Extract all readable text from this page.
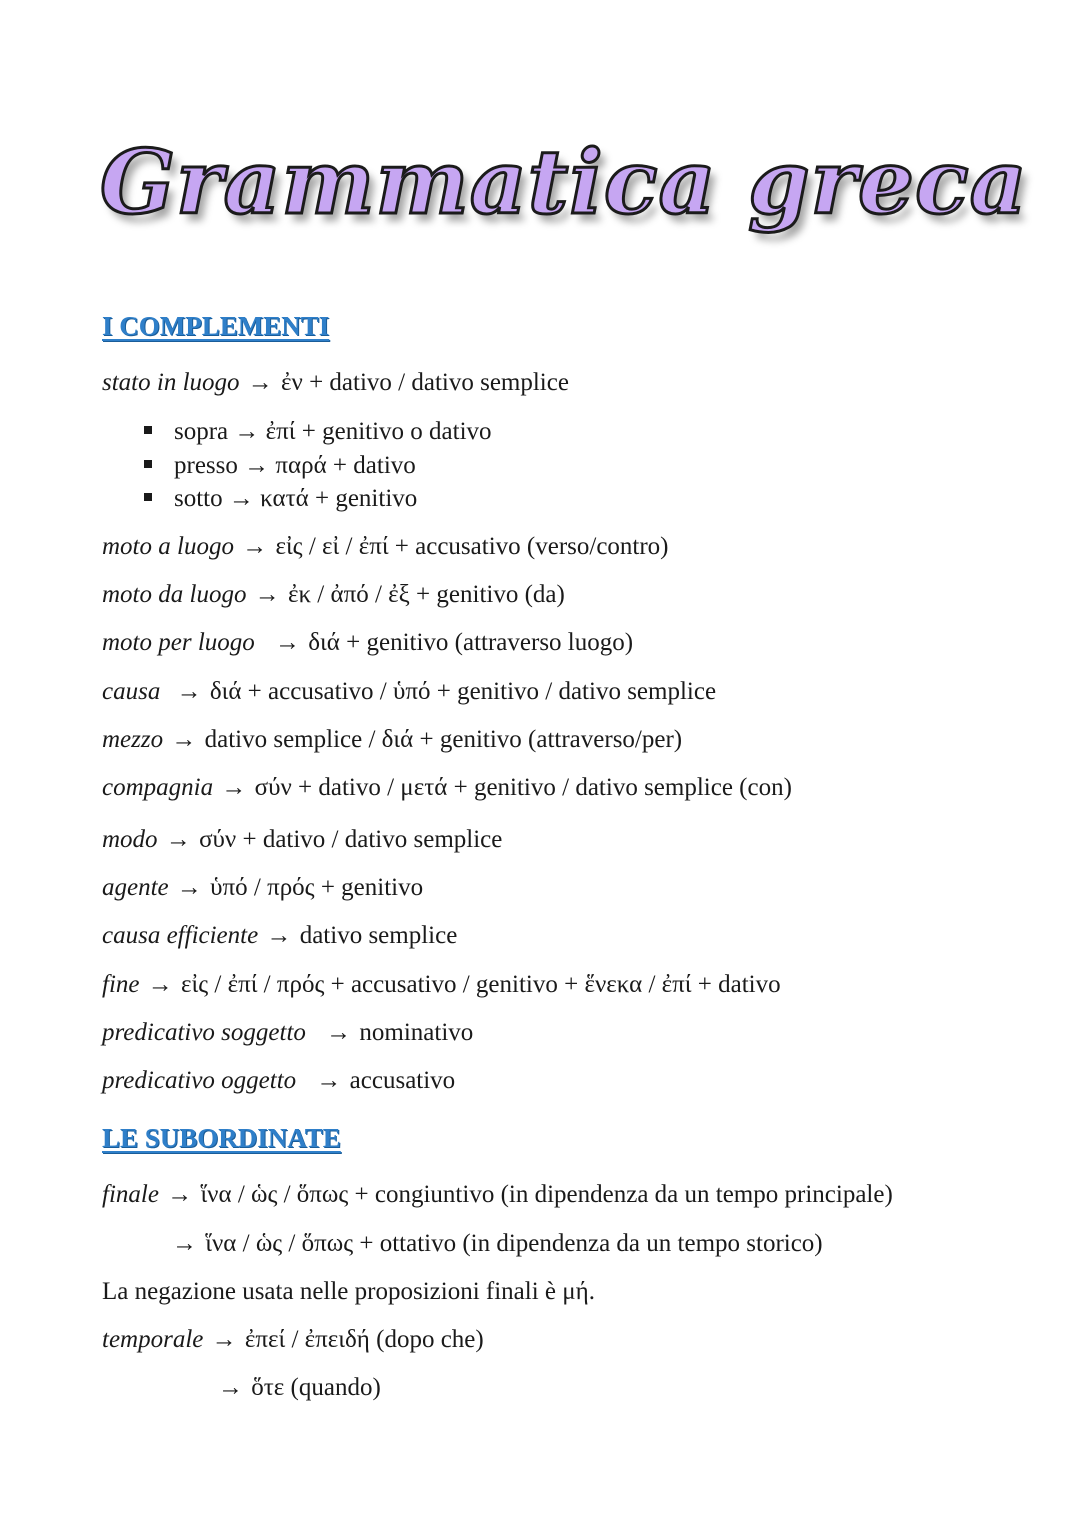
Grammatica greca
I COMPLEMENTI
stato in luogo → ἐν + dativo / dativo semplice
sopra → ἐπί + genitivo o dativo
presso → παρά + dativo
sotto → κατά + genitivo
moto a luogo → εἰς / εἰ / ἐπί + accusativo (verso/contro)
moto da luogo → ἐκ / ἀπό / ἐξ + genitivo (da)
moto per luogo → διά + genitivo (attraverso luogo)
causa → διά + accusativo / ὑπό + genitivo / dativo semplice
mezzo → dativo semplice / διά + genitivo (attraverso/per)
compagnia → σύν + dativo / μετά + genitivo / dativo semplice (con)
modo → σύν + dativo / dativo semplice
agente → ὑπό / πρός + genitivo
causa efficiente → dativo semplice
fine → εἰς / ἐπί / πρός + accusativo / genitivo + ἕνεκα / ἐπί + dativo
predicativo soggetto → nominativo
predicativo oggetto → accusativo
LE SUBORDINATE
finale → ἵνα / ὡς / ὅπως + congiuntivo (in dipendenza da un tempo principale)
→ ἵνα / ὡς / ὅπως + ottativo (in dipendenza da un tempo storico)
La negazione usata nelle proposizioni finali è μή.
temporale → ἐπεί / ἐπειδή (dopo che)
→ ὅτε (quando)
